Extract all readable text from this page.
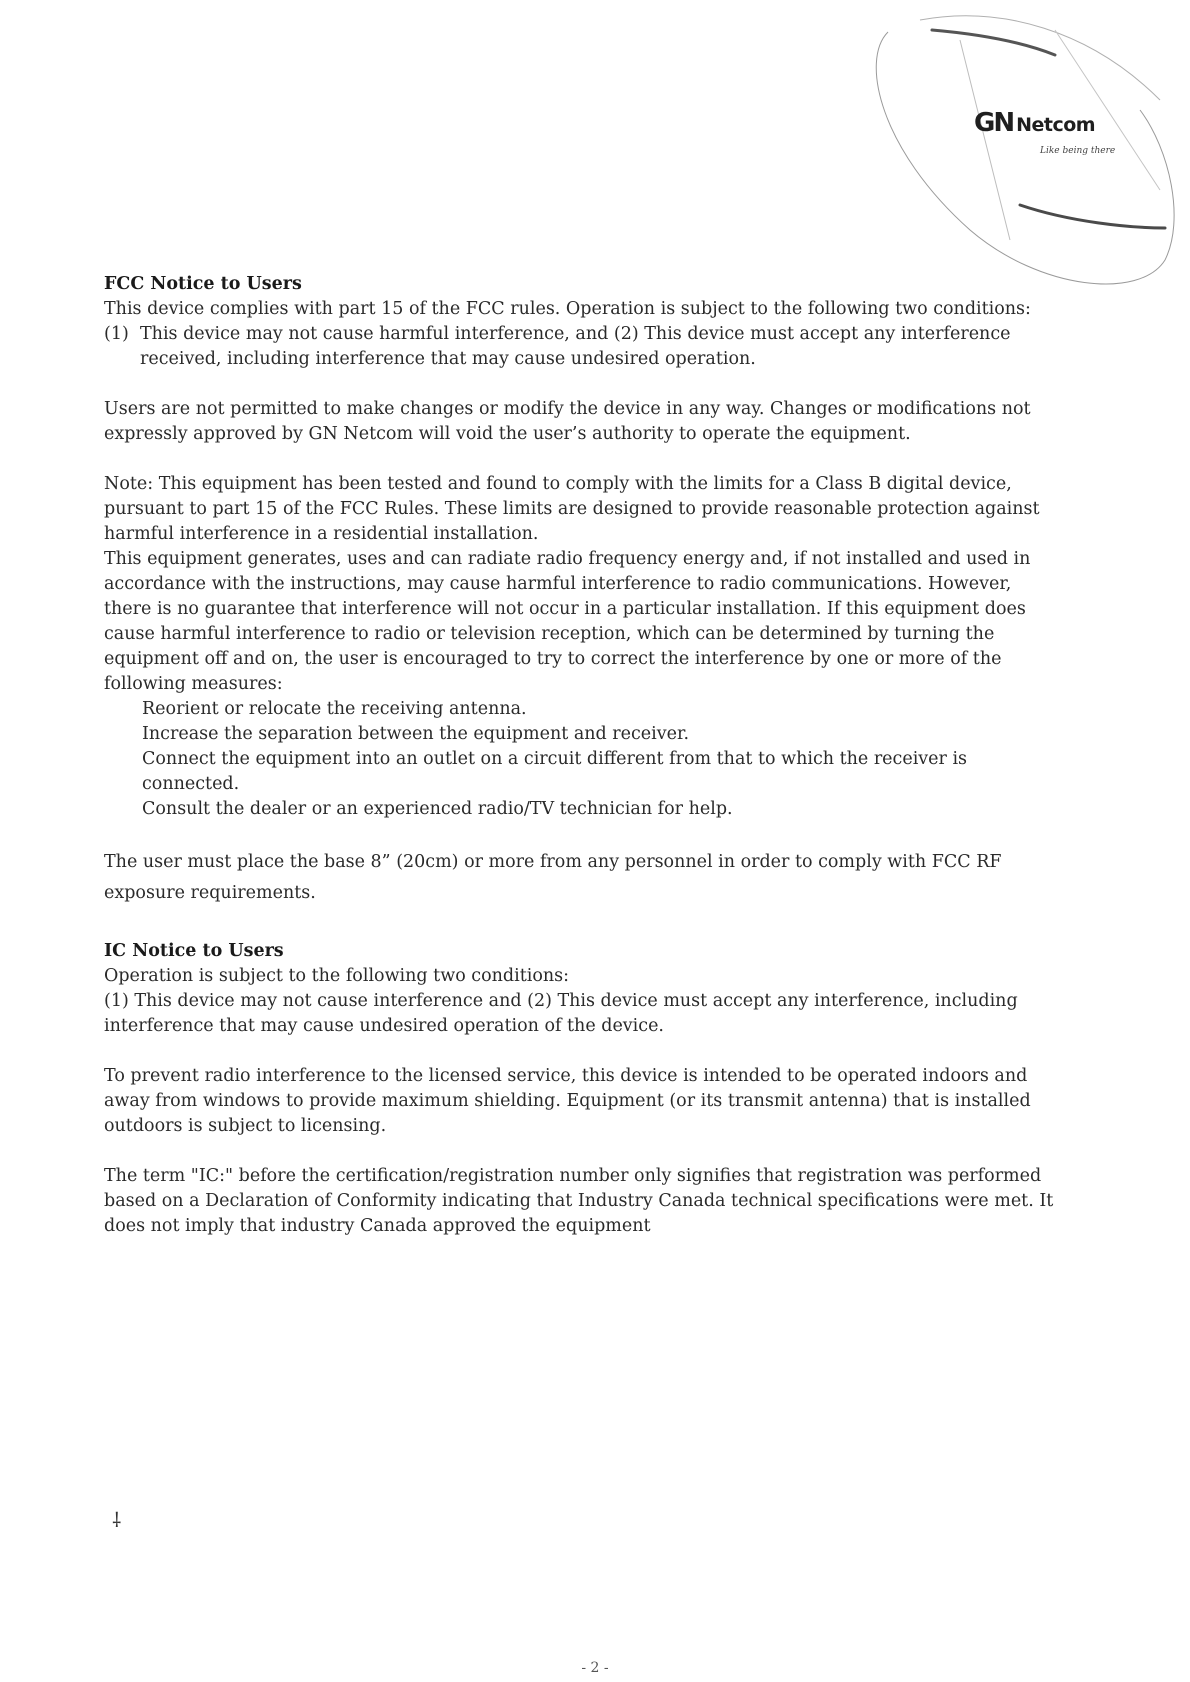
GN Netcom
Like being there

FCC Notice to Users

This device complies with part 15 of the FCC rules. Operation is subject to the following two conditions:

(1) This device may not cause harmful interference, and (2) This device must accept any interference received, including interference that may cause undesired operation.

Users are not permitted to make changes or modify the device in any way. Changes or modifications not expressly approved by GN Netcom will void the user’s authority to operate the equipment.

Note: This equipment has been tested and found to comply with the limits for a Class B digital device, pursuant to part 15 of the FCC Rules. These limits are designed to provide reasonable protection against harmful interference in a residential installation.

This equipment generates, uses and can radiate radio frequency energy and, if not installed and used in accordance with the instructions, may cause harmful interference to radio communications. However, there is no guarantee that interference will not occur in a particular installation. If this equipment does cause harmful interference to radio or television reception, which can be determined by turning the equipment off and on, the user is encouraged to try to correct the interference by one or more of the following measures:

Reorient or relocate the receiving antenna.

Increase the separation between the equipment and receiver.

Connect the equipment into an outlet on a circuit different from that to which the receiver is connected.

Consult the dealer or an experienced radio/TV technician for help.

The user must place the base 8” (20cm) or more from any personnel in order to comply with FCC RF exposure requirements.

IC Notice to Users

Operation is subject to the following two conditions:

(1) This device may not cause interference and (2) This device must accept any interference, including interference that may cause undesired operation of the device.

To prevent radio interference to the licensed service, this device is intended to be operated indoors and away from windows to provide maximum shielding. Equipment (or its transmit antenna) that is installed outdoors is subject to licensing.

The term "IC:" before the certification/registration number only signifies that registration was performed based on a Declaration of Conformity indicating that Industry Canada technical specifications were met. It does not imply that industry Canada approved the equipment

⸸
- 2 -
